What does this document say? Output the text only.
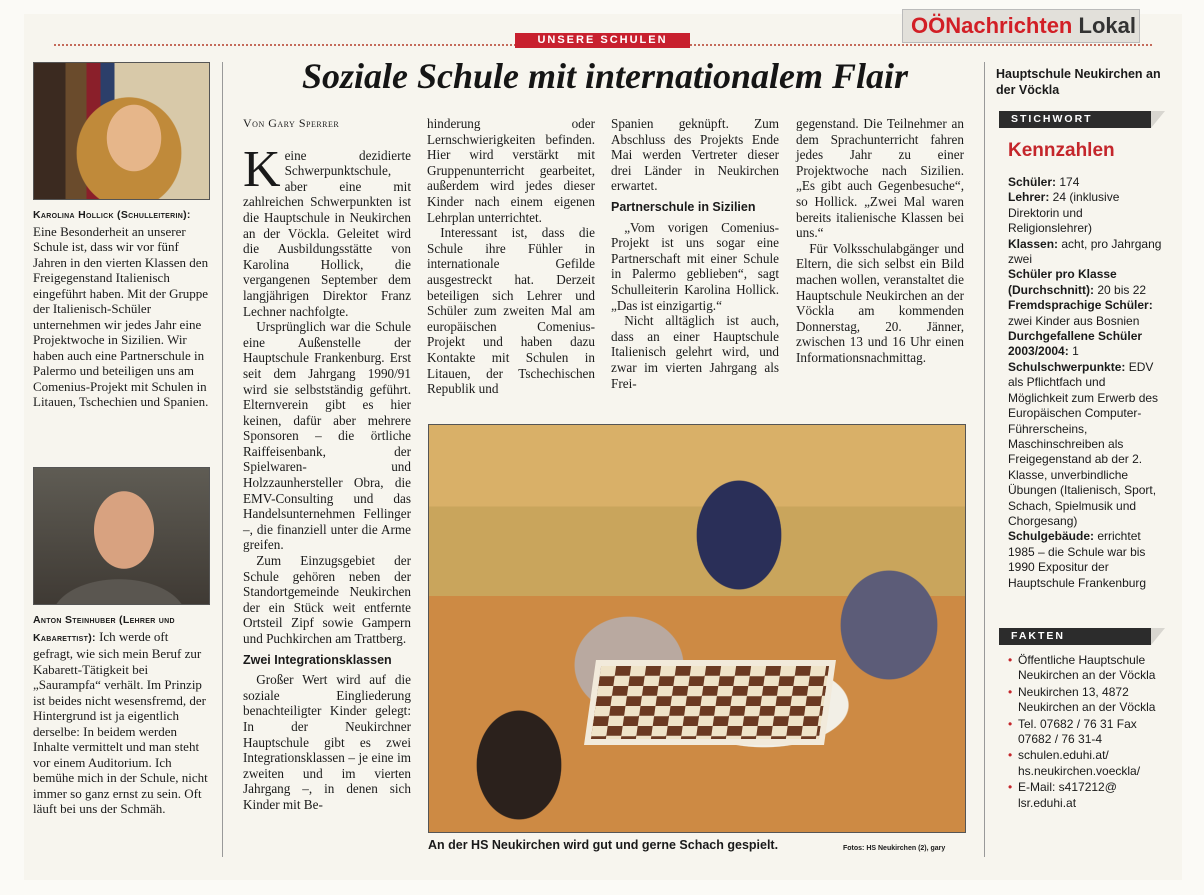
UNSERE SCHULEN
OÖNachrichten Lokal
Soziale Schule mit internationalem Flair
Karolina Hollick (Schulleiterin): Eine Besonderheit an unserer Schule ist, dass wir vor fünf Jahren in den vierten Klassen den Freigegenstand Italienisch eingeführt haben. Mit der Gruppe der Italienisch-Schüler unternehmen wir jedes Jahr eine Projektwoche in Sizilien. Wir haben auch eine Partnerschule in Palermo und beteiligen uns am Comenius-Projekt mit Schulen in Litauen, Tschechien und Spanien.
Anton Steinhuber (Lehrer und Kabarettist): Ich werde oft gefragt, wie sich mein Beruf zur Kabarett-Tätigkeit bei „Saurampfa“ verhält. Im Prinzip ist beides nicht wesensfremd, der Hintergrund ist ja eigentlich derselbe: In beidem werden Inhalte vermittelt und man steht vor einem Auditorium. Ich bemühe mich in der Schule, nicht immer so ganz ernst zu sein. Oft läuft bei uns der Schmäh.
Von Gary Sperrer

Keine dezidierte Schwerpunktschule, aber eine mit zahlreichen Schwerpunkten ist die Hauptschule in Neukirchen an der Vöckla. Geleitet wird die Ausbildungsstätte von Karolina Hollick, die vergangenen September dem langjährigen Direktor Franz Lechner nachfolgte.

Ursprünglich war die Schule eine Außenstelle der Hauptschule Frankenburg. Erst seit dem Jahrgang 1990/91 wird sie selbstständig geführt. Elternverein gibt es hier keinen, dafür aber mehrere Sponsoren – die örtliche Raiffeisenbank, der Spielwaren- und Holzzaunhersteller Obra, die EMV-Consulting und das Handelsunternehmen Fellinger –, die finanziell unter die Arme greifen.

Zum Einzugsgebiet der Schule gehören neben der Standortgemeinde Neukirchen der ein Stück weit entfernte Ortsteil Zipf sowie Gampern und Puchkirchen am Trattberg.

Zwei Integrationsklassen

Großer Wert wird auf die soziale Eingliederung benachteiligter Kinder gelegt: In der Neukirchner Hauptschule gibt es zwei Integrationsklassen – je eine im zweiten und im vierten Jahrgang –, in denen sich Kinder mit Be-

hinderung oder Lernschwierigkeiten befinden. Hier wird verstärkt mit Gruppenunterricht gearbeitet, außerdem wird jedes dieser Kinder nach einem eigenen Lehrplan unterrichtet.

Interessant ist, dass die Schule ihre Fühler in internationale Gefilde ausgestreckt hat. Derzeit beteiligen sich Lehrer und Schüler zum zweiten Mal am europäischen Comenius-Projekt und haben dazu Kontakte mit Schulen in Litauen, der Tschechischen Republik und

Spanien geknüpft. Zum Abschluss des Projekts Ende Mai werden Vertreter dieser drei Länder in Neukirchen erwartet.

Partnerschule in Sizilien

„Vom vorigen Comenius-Projekt ist uns sogar eine Partnerschaft mit einer Schule in Palermo geblieben“, sagt Schulleiterin Karolina Hollick. „Das ist einzigartig.“

Nicht alltäglich ist auch, dass an einer Hauptschule Italienisch gelehrt wird, und zwar im vierten Jahrgang als Frei-

gegenstand. Die Teilnehmer an dem Sprachunterricht fahren jedes Jahr zu einer Projektwoche nach Sizilien. „Es gibt auch Gegenbesuche“, so Hollick. „Zwei Mal waren bereits italienische Klassen bei uns.“

Für Volksschulabgänger und Eltern, die sich selbst ein Bild machen wollen, veranstaltet die Hauptschule Neukirchen an der Vöckla am kommenden Donnerstag, 20. Jänner, zwischen 13 und 16 Uhr einen Informationsnachmittag.

An der HS Neukirchen wird gut und gerne Schach gespielt.	Fotos: HS Neukirchen (2), gary
Hauptschule Neukirchen an der Vöckla
STICHWORT
Kennzahlen
Schüler: 174
Lehrer: 24 (inklusive Direktorin und Religionslehrer)
Klassen: acht, pro Jahrgang zwei
Schüler pro Klasse (Durchschnitt): 20 bis 22
Fremdsprachige Schüler: zwei Kinder aus Bosnien
Durchgefallene Schüler 2003/2004: 1
Schulschwerpunkte: EDV als Pflichtfach und Möglichkeit zum Erwerb des Europäischen Computer-Führerscheins, Maschinschreiben als Freigegenstand ab der 2. Klasse, unverbindliche Übungen (Italienisch, Sport, Schach, Spielmusik und Chorgesang)
Schulgebäude: errichtet 1985 – die Schule war bis 1990 Expositur der Hauptschule Frankenburg
FAKTEN
• Öffentliche Hauptschule Neukirchen an der Vöckla
• Neukirchen 13, 4872 Neukirchen an der Vöckla
• Tel. 07682 / 76 31 Fax 07682 / 76 31-4
• schulen.eduhi.at/ hs.neukirchen.voeckla/
• E-Mail: s417212@ lsr.eduhi.at
